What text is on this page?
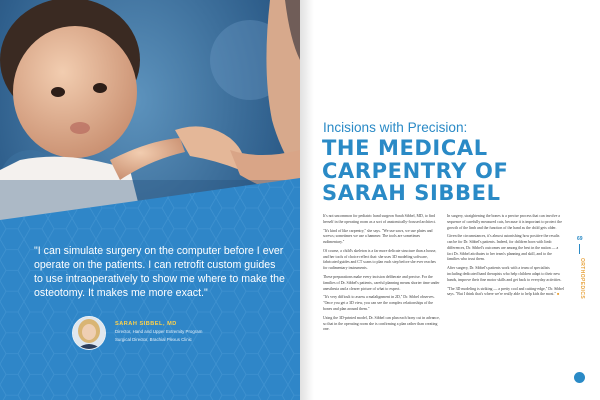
"I can simulate surgery on the computer before I ever operate on the patients. I can retrofit custom guides to use intraoperatively to show me where to make the osteotomy. It makes me more exact."

SARAH SIBBEL, MD
Director, Hand and Upper Extremity Program
Surgical Director, Brachial Plexus Clinic
Incisions with Precision:
THE MEDICAL
CARPENTRY OF
SARAH SIBBEL

It's not uncommon for pediatric hand surgeon Sarah Sibbel, MD, to find herself in the operating room as a sort of anatomically-focused architect.

"It's kind of like carpentry," she says. "We use saws, we use plates and screws; sometimes we use a hammer. The tools are sometimes rudimentary."

Of course, a child's skeleton is a far more delicate structure than a house, and her tools of choice reflect that: she uses 3D modeling software, fabricated guides and CT scans to plan each step before she ever reaches for rudimentary instruments.

These preparations make every incision deliberate and precise. For the families of Dr. Sibbel's patients, careful planning means shorter time under anesthesia and a clearer picture of what to expect.

"It's very difficult to assess a malalignment in 2D," Dr. Sibbel observes. "Once you get a 3D view, you can see the complex relationships of the bones and plan around them."

Using the 3D-printed model, Dr. Sibbel can plan each bony cut in advance, so that in the operating room she is confirming a plan rather than creating one.

In surgery, straightening the bones is a precise process that can involve a sequence of carefully measured cuts, because it is important to protect the growth of the limb and the function of the hand as the child gets older.

Given the circumstances, it's almost astonishing how positive the results can be for Dr. Sibbel's patients. Indeed, for children born with limb differences, Dr. Sibbel's outcomes are among the best in the nation — a fact Dr. Sibbel attributes to her team's planning and skill, and to the families who trust them.

After surgery, Dr. Sibbel's patients work with a team of specialists including dedicated hand therapists who help children adapt to their new hands, improve their fine motor skills and get back to everyday activities.

"The 3D modeling is striking — a pretty cool and cutting-edge," Dr. Sibbel says. "But I think that's where we're really able to help kids the most." ■

69
ORTHOPEDICS
